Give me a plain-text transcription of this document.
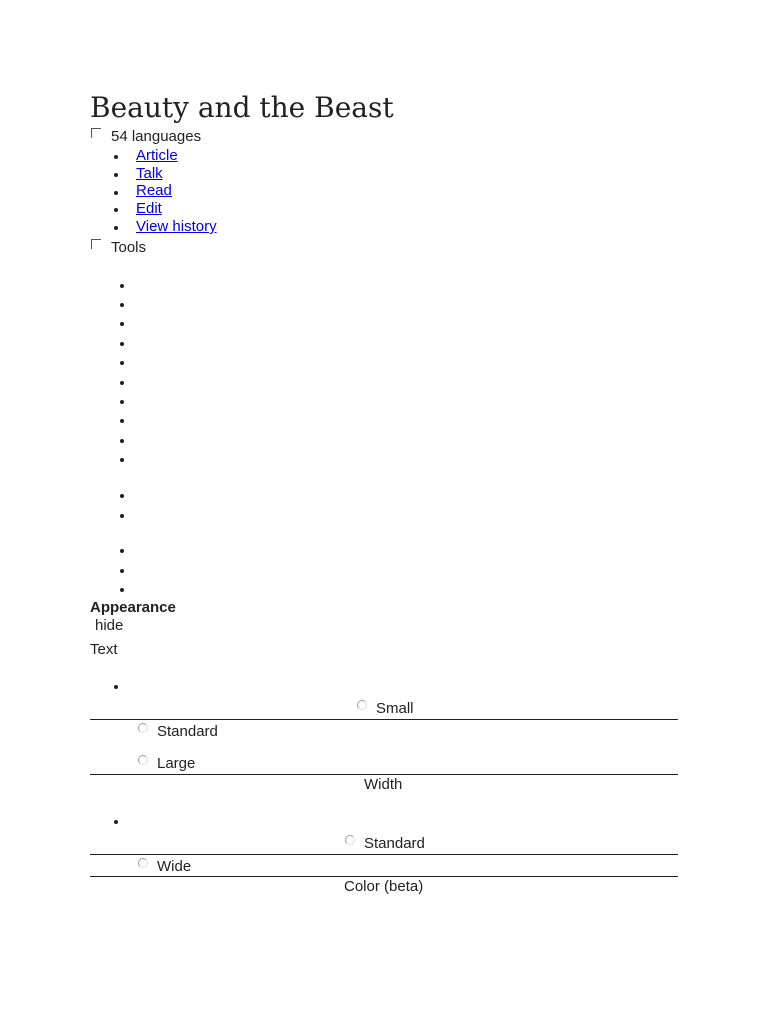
Beauty and the Beast
54 languages
Article
Talk
Read
Edit
View history
Tools
Appearance
hide
Text
Small
Standard
Large
Width
Standard
Wide
Color (beta)
